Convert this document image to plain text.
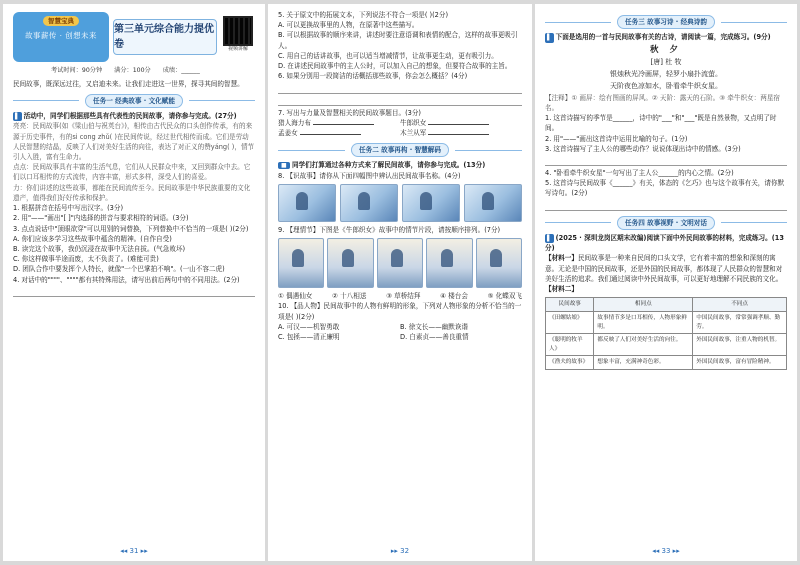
智慧宝典
故事薪传 · 创想未来
第三单元综合能力提优卷	视频讲解
考试时间：90分钟 满分：100分 成绩：______
民间故事，既深远过往，又启迪未来。让我们走进这一世界，探寻其间的智慧。
任务一 经典故事 · 文化赋能
▌ 活动中，同学们根据那些具有代表性的民间故事，请你参与完成。(27分)
亮亮：民间故事(如《梁山伯与祝英台》)，相传由古代民众的口头创作传承，有的来源于历史事件，有的si cong zhǔ( )在民间传说，经过世代相传而成。它们是劳动人民智慧的结晶，反映了人们对美好生活的向往，表达了对正义的赞yáng( )，情节引人入胜，富有生命力。
点点：民间故事具有丰富的生活气息，它们从人民群众中来，又回到群众中去。它们以口耳相传的方式流传，内容丰富，形式多样，深受人们的喜爱。
力：你们讲述的这些故事，都能在民间流传至今。民间故事是中华民族重要的文化遗产，值得我们好好传承和保护。
1. 根据拼音在括号中写出汉字。(3分)
2. 用"——"画出"[ ]"内选择的拼音与要求相符的词语。(3分)
3. 点点说话中"顶眼欲穿"可以用别的词替换，下列替换中不恰当的一项是( )(2分)
A. 你们应该多学习这些故事中蕴含的精神。(自作自受)
B. 读完这个故事，我仍沉浸在故事中无法自拔。(气急败坏)
C. 你这样做事半途而废，太不负责了。(难能可贵)
D. 团队合作中要发挥个人特长，就像"一个巴掌拍不响"。(一山不容二虎)
4. 对话中的""""、""""都有其特殊用法，请写出前后两句中的不同用法。(2分)
◂◂ 31 ▸▸
5. 关于原文中的拓展文本，下列说法不符合一项是( )(2分)
A. 可以更换故事里的人物，在原著中这些描写。
B. 可以根据故事的顺序来讲，讲述时要注意语调和表情的配合，这样的故事更吸引人。
C. 用自己的话讲故事，也可以适当增减情节，让故事更生动，更有吸引力。
D. 在讲述民间故事中的主人公时，可以加入自己的想象，但要符合故事的主旨。
6. 如果分别用一段简洁的话概括那些故事，你会怎么概括？(4分)
7. 写出与力量及智慧相关的民间故事题目。(3分)
猎人海力布	牛郎织女
孟姜女	木兰从军
任务二 故事再构 · 智慧解码
■ 同学们打算通过各种方式来了解民间故事，请你参与完成。(13分)
8. 【识故事】请你从下面四幅图中辨认出民间故事名称。(4分)
9. 【理情节】下图是《牛郎织女》故事中的情节片段，请按顺序排列。(7分)
① 偶遇仙女	② 十八相送	③ 草桥结拜	④ 楼台会	⑤ 化蝶双飞
10. 【品人物】民间故事中的人物有鲜明的形象，下列对人物形象的分析不恰当的一项是( )(2分)
A. 可汉——机智勇敢	B. 徐文长——幽默诙谐
C. 包拯——清正廉明	D. 白素贞——善良重情
▸▸ 32
任务三 故事习诗 · 经典诗韵
▌ 下面是选用的一首与民间故事有关的古诗，请阅读一篇，完成练习。(9分)
秋 夕
[唐] 杜 牧
银烛秋光冷画屏，轻罗小扇扑流萤。
天阶夜色凉如水，卧看牵牛织女星。
【注释】① 画屏：绘有图画的屏风。② 天阶：露天的石阶。③ 牵牛织女：两星宿名。
1. 这首诗描写的季节是______，诗中的"___"和"___"既是自然景物，又点明了时间。
2. 用"——"画出这首诗中运用比喻的句子。(1分)
3. 这首诗描写了主人公的哪些动作？说说体现出诗中的情感。(3分)
4. "卧看牵牛织女星"一句写出了主人公______的内心之情。(2分)
5. 这首诗与民间故事《______》有关，体态的《乞巧》也与这个故事有关，请你默写诗句。(2分)
任务四 故事视野 · 文明对话
▌ (2025 · 深圳龙岗区期末改编)阅读下面中外民间故事的材料，完成练习。(13分)
【材料一】民间故事是一种来自民间的口头文学，它有着丰富的想象和深刻的寓意。无论是中国的民间故事，还是外国的民间故事，都体现了人民群众的智慧和对美好生活的追求。我们通过阅读中外民间故事，可以更好地理解不同民族的文化。
【材料二】
民间故事	相同点	不同点
《田螺姑娘》	故事情节多是口耳相传，人物形象鲜明。	中国民间故事，常常强调孝顺、勤劳。
《聪明的牧羊人》	都反映了人们对美好生活的向往。	外国民间故事，注重人物的机智。
《渔夫的故事》	想象丰富，充满神奇色彩。	外国民间故事，富有冒险精神。
◂◂ 33 ▸▸
